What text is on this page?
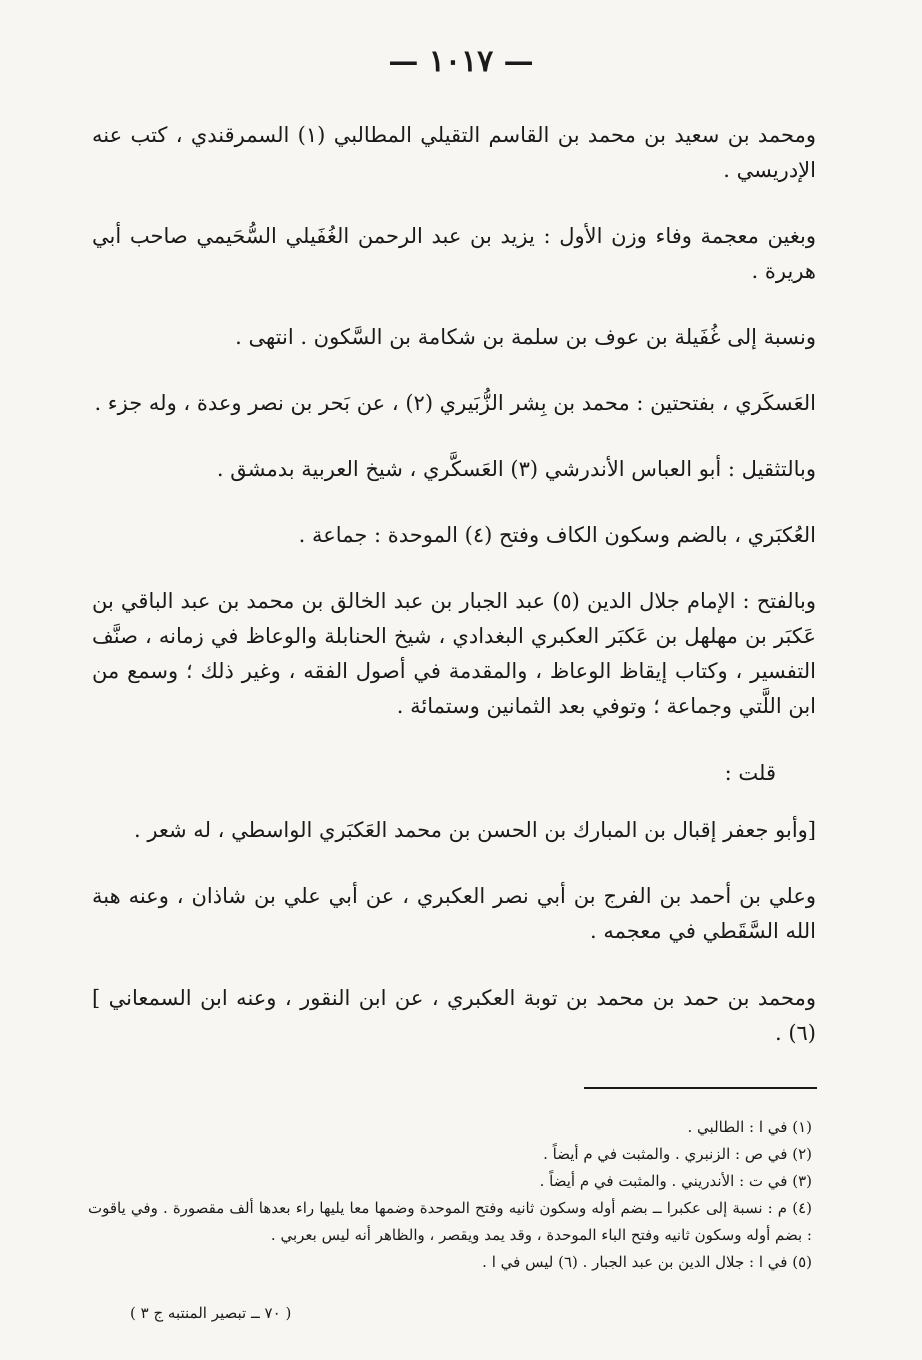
— ١٠١٧ —

ومحمد بن سعيد بن محمد بن القاسم التقيلي المطالبي (١) السمرقندي ، كتب عنه الإدريسي .

وبغين معجمة وفاء وزن الأول : يزيد بن عبد الرحمن الغُفَيلي السُّحَيمي صاحب أبي هريرة .

ونسبة إلى غُفَيلة بن عوف بن سلمة بن شكامة بن السَّكون . انتهى .

العَسكَري ، بفتحتين : محمد بن بِشر الزُّبَيري (٢) ، عن بَحر بن نصر وعدة ، وله جزء .

وبالتثقيل : أبو العباس الأندرشي (٣) العَسكَّري ، شيخ العربية بدمشق .

العُكبَري ، بالضم وسكون الكاف وفتح (٤) الموحدة : جماعة .

وبالفتح : الإمام جلال الدين (٥) عبد الجبار بن عبد الخالق بن محمد بن عبد الباقي بن عَكبَر بن مهلهل بن عَكبَر العكبري البغدادي ، شيخ الحنابلة والوعاظ في زمانه ، صنَّف التفسير ، وكتاب إيقاظ الوعاظ ، والمقدمة في أصول الفقه ، وغير ذلك ؛ وسمع من ابن اللَّتي وجماعة ؛ وتوفي بعد الثمانين وستمائة .

قلت :

[وأبو جعفر إقبال بن المبارك بن الحسن بن محمد العَكبَري الواسطي ، له شعر .

وعلي بن أحمد بن الفرج بن أبي نصر العكبري ، عن أبي علي بن شاذان ، وعنه هبة الله السَّقَطي في معجمه .

ومحمد بن حمد بن محمد بن توبة العكبري ، عن ابن النقور ، وعنه ابن السمعاني ] (٦) .

(١) في ا : الطالبي .

(٢) في ص : الزنبري . والمثبت في م أيضاً .

(٣) في ت : الأندريني . والمثبت في م أيضاً .

(٤) م : نسبة إلى عكبرا ــ بضم أوله وسكون ثانيه وفتح الموحدة وضمها معا يليها راء بعدها ألف مقصورة . وفي ياقوت : بضم أوله وسكون ثانيه وفتح الباء الموحدة ، وقد يمد ويقصر ، والظاهر أنه ليس بعربي .

(٥) في ا : جلال الدين بن عبد الجبار . (٦) ليس في ا .

( ٧٠ ــ تبصير المنتبه ج ٣ )
